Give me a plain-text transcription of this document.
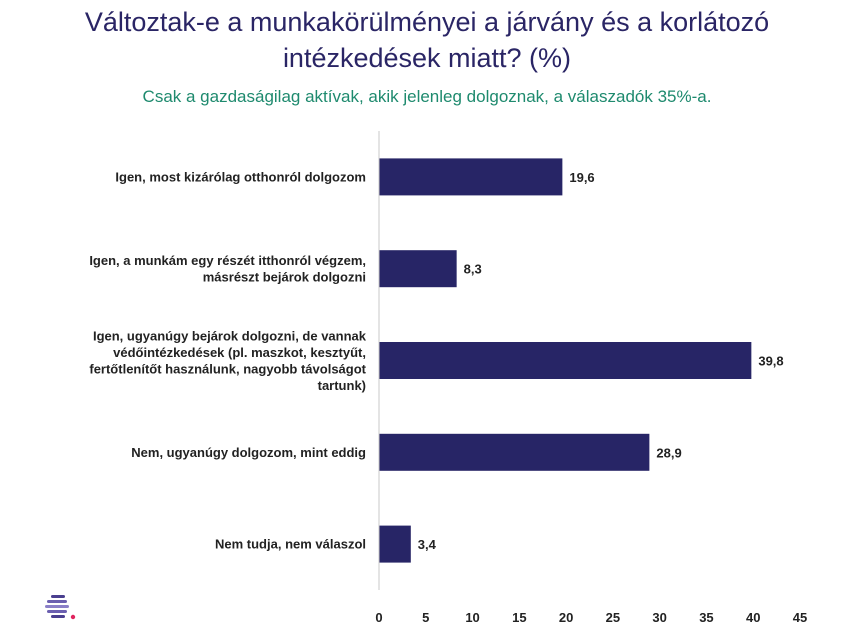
Változtak-e a munkakörülményei a járvány és a korlátozó
intézkedések miatt? (%)
Csak a gazdaságilag aktívak, akik jelenleg dolgoznak, a válaszadók 35%-a.
19,6
Igen, most kizárólag otthonról dolgozom
8,3
Igen, a munkám egy részét itthonról végzem,
másrészt bejárok dolgozni
39,8
Igen, ugyanúgy bejárok dolgozni, de vannak
védőintézkedések (pl. maszkot, kesztyűt,
fertőtlenítőt használunk, nagyobb távolságot
tartunk)
28,9
Nem, ugyanúgy dolgozom, mint eddig
3,4
Nem tudja, nem válaszol
0	5	10 15 20 25 30 35 40 45
